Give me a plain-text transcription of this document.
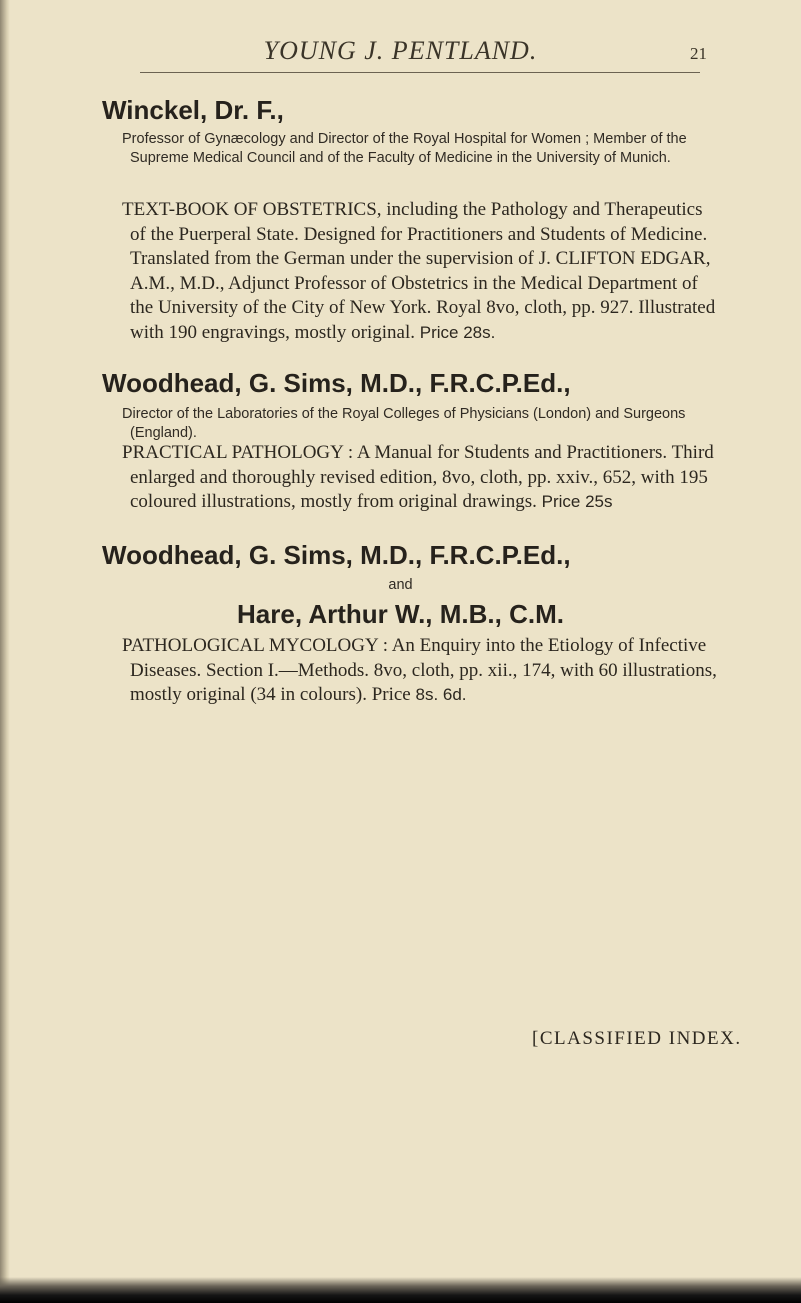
YOUNG J. PENTLAND.	21
Winckel, Dr. F.,
Professor of Gynæcology and Director of the Royal Hospital for Women ; Member of the Supreme Medical Council and of the Faculty of Medicine in the University of Munich.
TEXT-BOOK OF OBSTETRICS, including the Pathology and Therapeutics of the Puerperal State. Designed for Practitioners and Students of Medicine. Translated from the German under the supervision of J. CLIFTON EDGAR, A.M., M.D., Adjunct Professor of Obstetrics in the Medical Department of the University of the City of New York. Royal 8vo, cloth, pp. 927. Illustrated with 190 engravings, mostly original. Price 28s.
Woodhead, G. Sims, M.D., F.R.C.P.Ed.,
Director of the Laboratories of the Royal Colleges of Physicians (London) and Surgeons (England).
PRACTICAL PATHOLOGY : A Manual for Students and Practitioners. Third enlarged and thoroughly revised edition, 8vo, cloth, pp. xxiv., 652, with 195 coloured illustrations, mostly from original drawings. Price 25s
Woodhead, G. Sims, M.D., F.R.C.P.Ed.,
and
Hare, Arthur W., M.B., C.M.
PATHOLOGICAL MYCOLOGY : An Enquiry into the Etiology of Infective Diseases. Section I.—Methods. 8vo, cloth, pp. xii., 174, with 60 illustrations, mostly original (34 in colours). Price 8s. 6d.
[CLASSIFIED INDEX.
